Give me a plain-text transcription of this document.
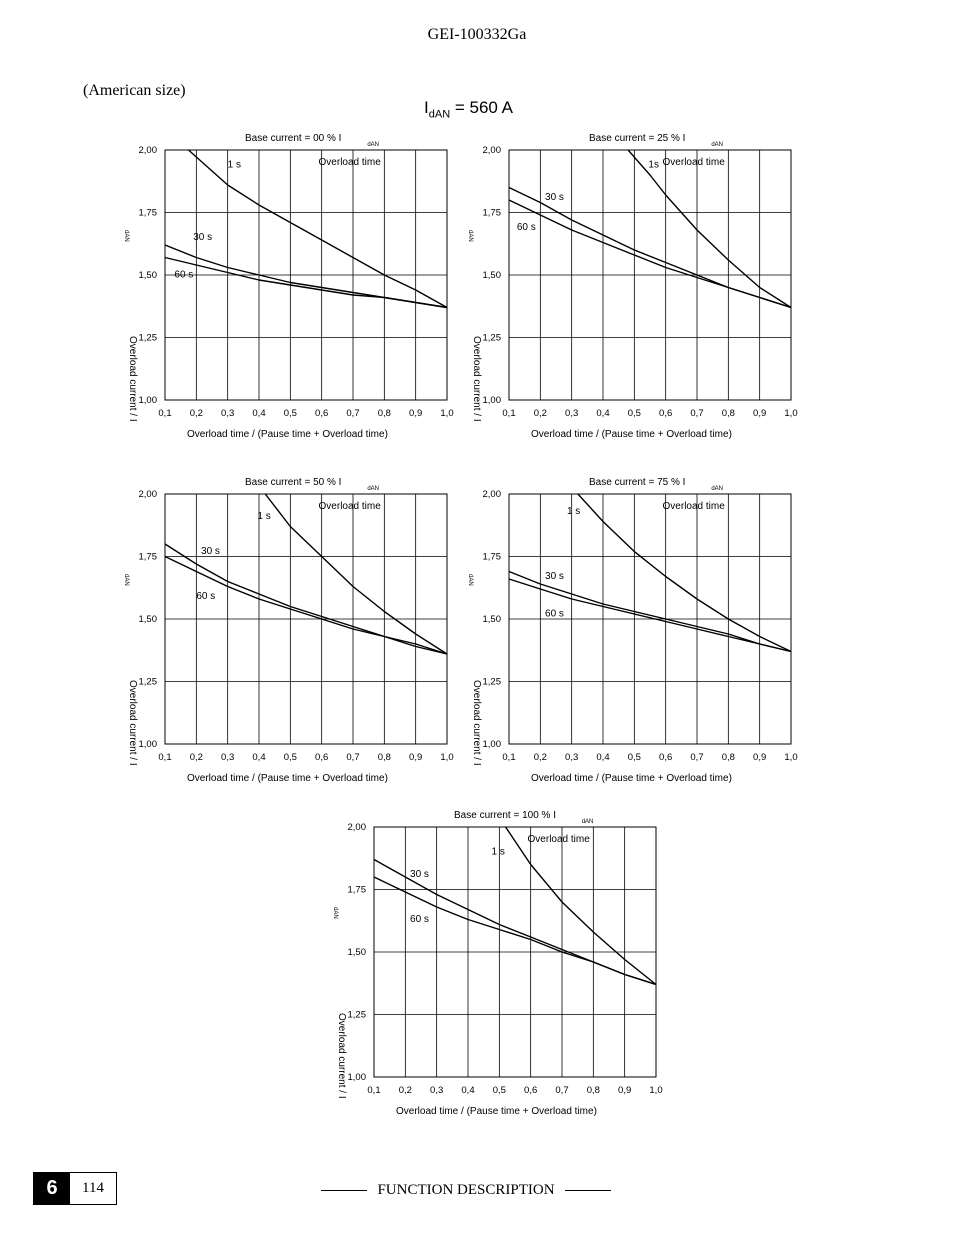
GEI-100332Ga
(American size)
$I_{dAN} = 560$ A
0,1 0,2 0,3 0,4 0,5 0,6 0,7 0,8 0,9 1,0
1,00
1,25
1,50
1,75
2,00
Base current = 00 % I
dAN
Overload time
Overload time / (Pause time + Overload time)
Overload current / I
dAN
1 s
30 s
60 s
0,1 0,2 0,3 0,4 0,5 0,6 0,7 0,8 0,9 1,0
1,00
1,25
1,50
1,75
2,00
Base current = 25 % I
dAN
Overload time
Overload time / (Pause time + Overload time)
Overload current / I
dAN
1s
30 s
60 s
0,1 0,2 0,3 0,4 0,5 0,6 0,7 0,8 0,9 1,0
1,00
1,25
1,50
1,75
2,00
Base current = 50 % I
dAN
Overload time
Overload time / (Pause time + Overload time)
Overload current / I
dAN
1 s
30 s
60 s
0,1 0,2 0,3 0,4 0,5 0,6 0,7 0,8 0,9 1,0
1,00
1,25
1,50
1,75
2,00
Base current = 75 % I
dAN
Overload time
Overload time / (Pause time + Overload time)
Overload current / I
dAN
1 s
30 s
60 s
0,1 0,2 0,3 0,4 0,5 0,6 0,7 0,8 0,9 1,0
1,00
1,25
1,50
1,75
2,00
Base current = 100 % I
dAN
Overload time
Overload time / (Pause time + Overload time)
Overload current / I
dAN
1 s
30 s
60 s
6	114	FUNCTION DESCRIPTION
